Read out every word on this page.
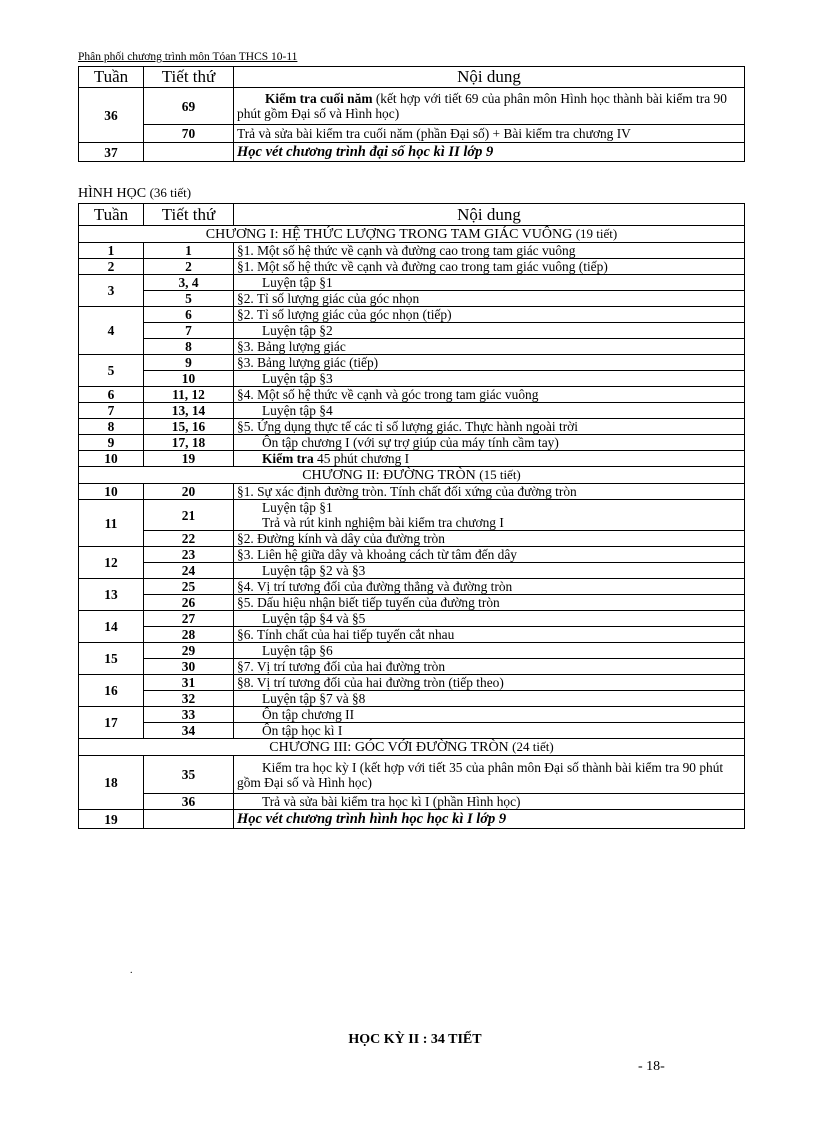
Phân phối chương trình môn Tóan THCS 10-11
Tuần	Tiết thứ	Nội dung
36	69	Kiểm tra cuối năm (kết hợp với tiết 69 của phân môn Hình học thành bài kiểm tra 90 phút gồm Đại số và Hình học)
	70	Trả và sửa bài kiểm tra cuối năm (phần Đại số) + Bài kiểm tra chương IV
37		Học vét chương trình đại số học kì II lớp 9
HÌNH HỌC (36 tiết)
Tuần	Tiết thứ	Nội dung
CHƯƠNG I: HỆ THỨC LƯỢNG TRONG TAM GIÁC VUÔNG (19 tiết)		
1	1	§1. Một số hệ thức về cạnh và đường cao trong tam giác vuông
2	2	§1. Một số hệ thức về cạnh và đường cao trong tam giác vuông (tiếp)
3	3, 4	Luyện tập §1
	5	§2. Tỉ số lượng giác của góc nhọn
4	6	§2. Tỉ số lượng giác của góc nhọn (tiếp)
	7	Luyện tập §2
	8	§3. Bảng lượng giác
5	9	§3. Bảng lượng giác (tiếp)
	10	Luyện tập §3
6	11, 12	§4. Một số hệ thức về cạnh và góc trong tam giác vuông
7	13, 14	Luyện tập §4
8	15, 16	§5. Ứng dụng thực tế các tỉ số lượng giác. Thực hành ngoài trời
9	17, 18	Ôn tập chương I (với sự trợ giúp của máy tính cầm tay)
10	19	Kiểm tra 45 phút chương I
CHƯƠNG II: ĐƯỜNG TRÒN (15 tiết)		
10	20	§1. Sự xác định đường tròn. Tính chất đối xứng của đường tròn
11	21	Luyện tập §1
Trả và rút kinh nghiệm bài kiểm tra chương I

	22	§2. Đường kính và dây của đường tròn
12	23	§3. Liên hệ giữa dây và khoảng cách từ tâm đến dây
	24	Luyện tập §2 và §3
13	25	§4. Vị trí tương đối của đường thẳng và đường tròn
	26	§5. Dấu hiệu nhận biết tiếp tuyến của đường tròn
14	27	Luyện tập §4 và §5
	28	§6. Tính chất của hai tiếp tuyến cắt nhau
15	29	Luyện tập §6
	30	§7. Vị trí tương đối của hai đường tròn
16	31	§8. Vị trí tương đối của hai đường tròn (tiếp theo)
	32	Luyện tập §7 và §8
17	33	Ôn tập chương II
	34	Ôn tập học kì I
CHƯƠNG III: GÓC VỚI ĐƯỜNG TRÒN (24 tiết)		
18	35	Kiểm tra học kỳ I (kết hợp với tiết 35 của phân môn Đại số thành bài kiểm tra 90 phút gồm Đại số và Hình học)
	36	Trả và sửa bài kiểm tra học kì I (phần Hình học)
19		Học vét chương trình hình học học kì I lớp 9
.
HỌC KỲ II : 34 TIẾT
- 18-
